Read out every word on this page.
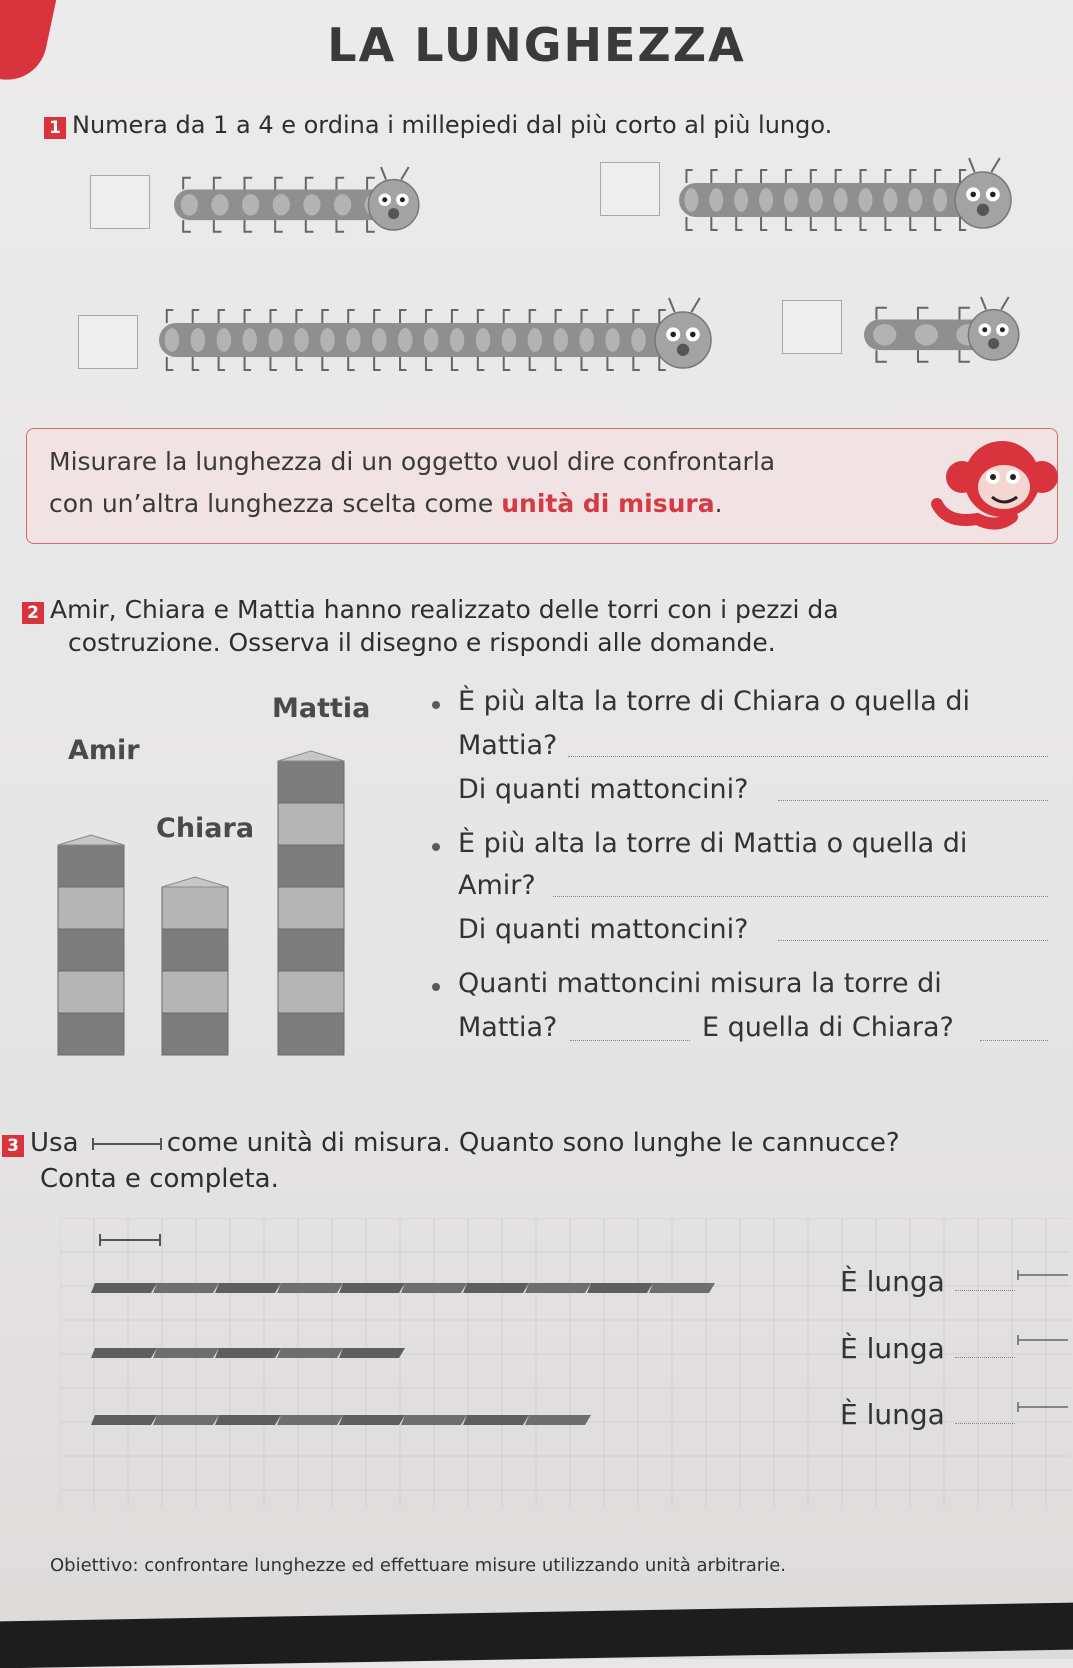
LA LUNGHEZZA
1 Numera da 1 a 4 e ordina i millepiedi dal più corto al più lungo.
Misurare la lunghezza di un oggetto vuol dire confrontarla
con un’altra lunghezza scelta come unità di misura.
2 Amir, Chiara e Mattia hanno realizzato delle torri con i pezzi da
costruzione. Osserva il disegno e rispondi alle domande.
Mattia
Amir
Chiara
È più alta la torre di Chiara o quella di
Mattia?
Di quanti mattoncini?
È più alta la torre di Mattia o quella di
Amir?
Di quanti mattoncini?
Quanti mattoncini misura la torre di
Mattia?	E quella di Chiara?
3 Usa	come unità di misura. Quanto sono lunghe le cannucce?
Conta e completa.
È lunga
È lunga
È lunga
Obiettivo: confrontare lunghezze ed effettuare misure utilizzando unità arbitrarie.
